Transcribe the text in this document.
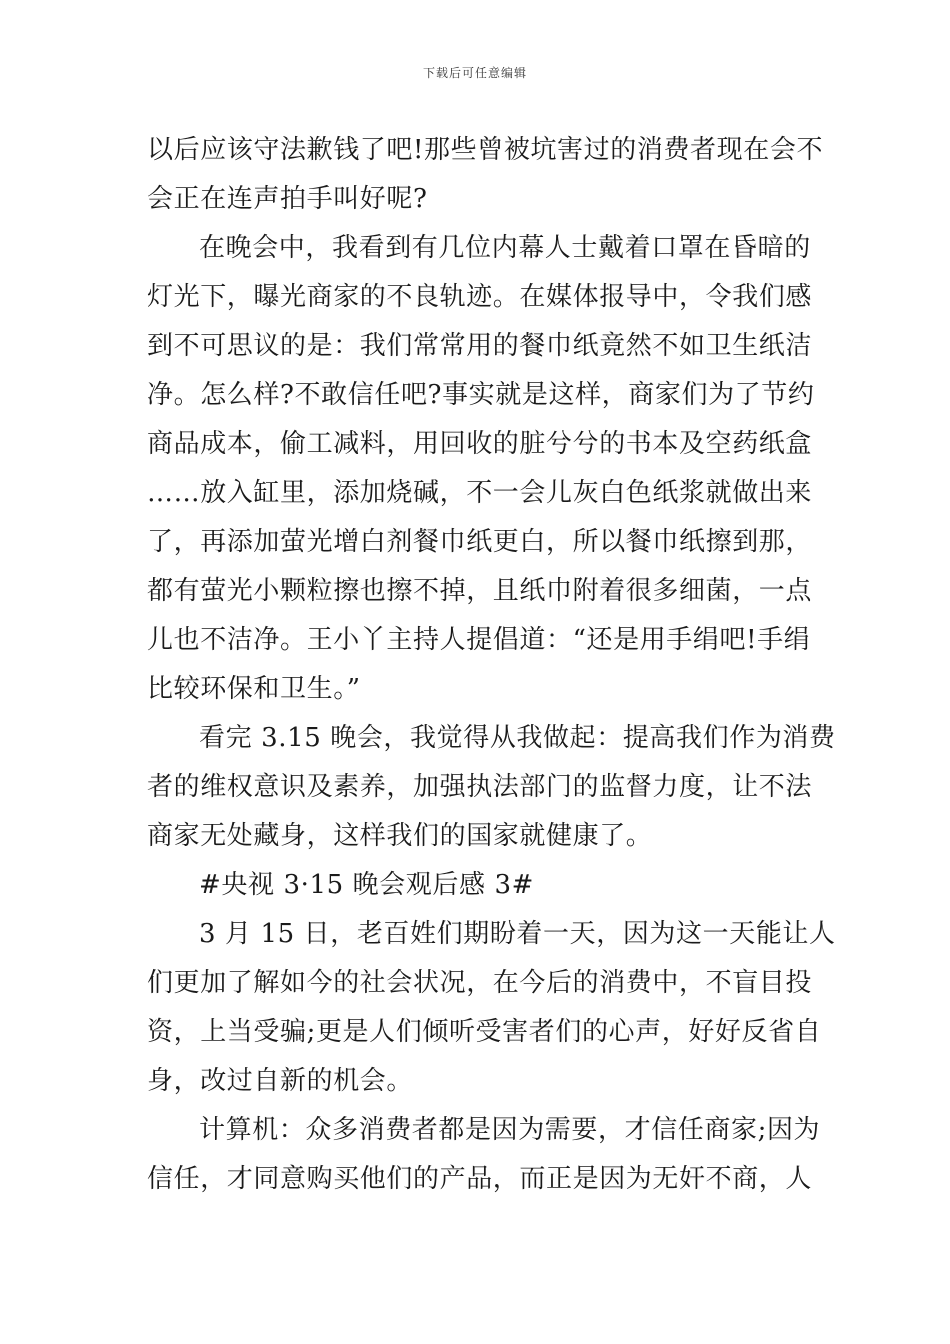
下载后可任意编辑
以后应该守法歉钱了吧!那些曾被坑害过的消费者现在会不
会正在连声拍手叫好呢?
在晚会中，我看到有几位内幕人士戴着口罩在昏暗的
灯光下，曝光商家的不良轨迹。在媒体报导中，令我们感
到不可思议的是：我们常常用的餐巾纸竟然不如卫生纸洁
净。怎么样?不敢信任吧?事实就是这样，商家们为了节约
商品成本，偷工减料，用回收的脏兮兮的书本及空药纸盒
……放入缸里，添加烧碱，不一会儿灰白色纸浆就做出来
了，再添加萤光增白剂餐巾纸更白，所以餐巾纸擦到那，
都有萤光小颗粒擦也擦不掉，且纸巾附着很多细菌，一点
儿也不洁净。王小丫主持人提倡道：“还是用手绢吧!手绢
比较环保和卫生。”
看完 3.15 晚会，我觉得从我做起：提高我们作为消费
者的维权意识及素养，加强执法部门的监督力度，让不法
商家无处藏身，这样我们的国家就健康了。
#央视 3·15 晚会观后感 3#
3 月 15 日，老百姓们期盼着一天，因为这一天能让人
们更加了解如今的社会状况，在今后的消费中，不盲目投
资，上当受骗;更是人们倾听受害者们的心声，好好反省自
身，改过自新的机会。
计算机：众多消费者都是因为需要，才信任商家;因为
信任，才同意购买他们的产品，而正是因为无奸不商，人
